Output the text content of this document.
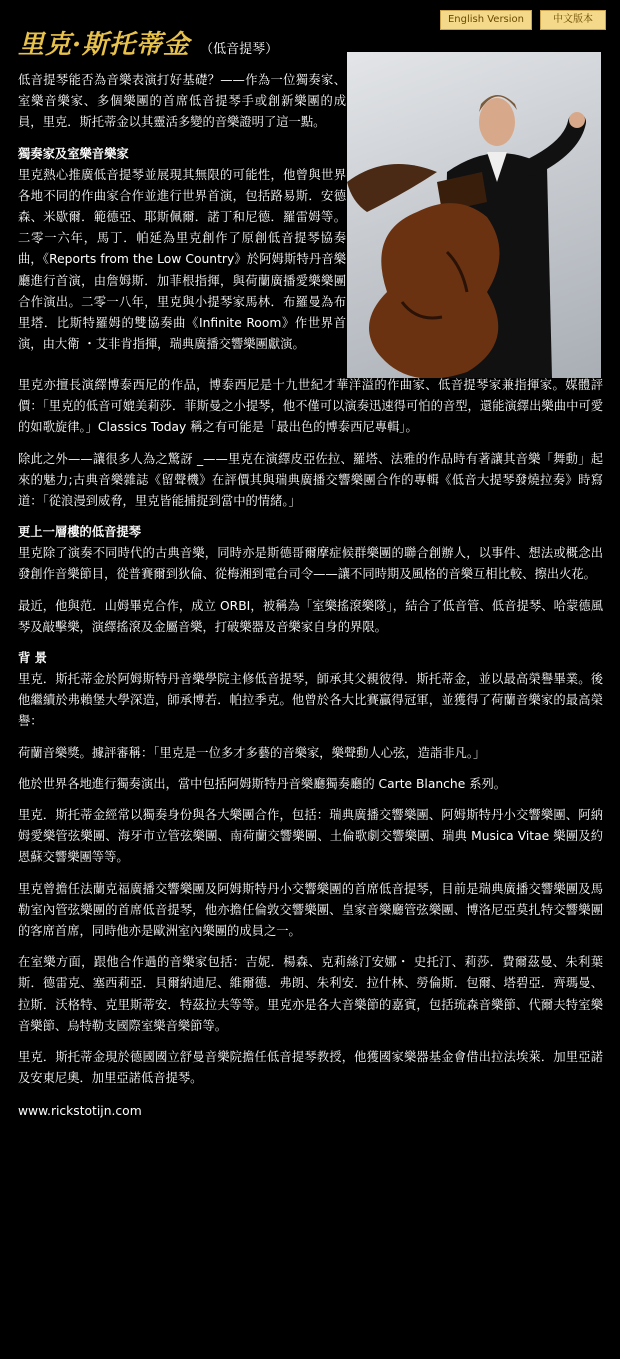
English Version	中文版本
里克·斯托蒂金 （低音提琴）

低音提琴能否為音樂表演打好基礎？——作為一位獨奏家、室樂音樂家、多個樂團的首席低音提琴手或創新樂團的成員，里克．斯托蒂金以其靈活多變的音樂證明了這一點。

獨奏家及室樂音樂家

里克熱心推廣低音提琴並展現其無限的可能性，他曾與世界各地不同的作曲家合作並進行世界首演，包括路易斯．安德森、米歇爾．範德亞、耶斯佩爾．諾丁和尼德．羅雷姆等。二零一六年，馬丁．帕延為里克創作了原創低音提琴協奏曲，《Reports from the Low Country》於阿姆斯特丹音樂廳進行首演，由詹姆斯．加菲根指揮，與荷蘭廣播愛樂樂團合作演出。二零一八年，里克與小提琴家馬林．布羅曼為布里塔．比斯特羅姆的雙協奏曲《Infinite Room》作世界首演，由大衛 ・艾非肯指揮，瑞典廣播交響樂團獻演。

里克亦擅長演繹博泰西尼的作品，博泰西尼是十九世紀才華洋溢的作曲家、低音提琴家兼指揮家。媒體評價：「里克的低音可媲美莉莎．菲斯曼之小提琴，他不僅可以演奏迅速得可怕的音型，還能演繹出樂曲中可愛的如歌旋律。」Classics Today 稱之有可能是「最出色的博泰西尼專輯」。

除此之外——讓很多人為之驚訝 _——里克在演繹皮亞佐拉、羅塔、法雅的作品時有著讓其音樂「舞動」起來的魅力;古典音樂雜誌《留聲機》在評價其與瑞典廣播交響樂團合作的專輯《低音大提琴發燒拉奏》時寫道：「從浪漫到威脅，里克皆能捕捉到當中的情緒。」

更上一層樓的低音提琴

里克除了演奏不同時代的古典音樂，同時亦是斯德哥爾摩症候群樂團的聯合創辦人，以事件、想法或概念出發創作音樂節目，從普賽爾到狄倫、從梅湘到電台司令——讓不同時期及風格的音樂互相比較、擦出火花。

最近，他與范．山姆畢克合作，成立 ORBI，被稱為「室樂搖滾樂隊」，結合了低音管、低音提琴、哈蒙德風琴及敲擊樂，演繹搖滾及金屬音樂，打破樂器及音樂家自身的界限。

背 景

里克．斯托蒂金於阿姆斯特丹音樂學院主修低音提琴，師承其父親彼得．斯托蒂金，並以最高榮譽畢業。後他繼續於弗賴堡大學深造，師承博若．帕拉季克。他曾於各大比賽贏得冠軍，並獲得了荷蘭音樂家的最高榮譽：

荷蘭音樂獎。據評審稱：「里克是一位多才多藝的音樂家，樂聲動人心弦，造詣非凡。」

他於世界各地進行獨奏演出，當中包括阿姆斯特丹音樂廳獨奏廳的 Carte Blanche 系列。

里克．斯托蒂金經常以獨奏身份與各大樂團合作，包括：瑞典廣播交響樂團、阿姆斯特丹小交響樂團、阿納姆愛樂管弦樂團、海牙市立管弦樂團、南荷蘭交響樂團、土倫歌劇交響樂團、瑞典 Musica Vitae 樂團及約恩蘇交響樂團等等。

里克曾擔任法蘭克福廣播交響樂團及阿姆斯特丹小交響樂團的首席低音提琴，目前是瑞典廣播交響樂團及馬勒室內管弦樂團的首席低音提琴，他亦擔任倫敦交響樂團、皇家音樂廳管弦樂團、博洛尼亞莫扎特交響樂團的客席首席，同時他亦是歐洲室內樂團的成員之一。

在室樂方面，跟他合作過的音樂家包括：吉妮．楊森、克莉絲汀安娜・ 史托汀、莉莎．費爾茲曼、朱利葉斯．德雷克、塞西莉亞．貝爾納迪尼、維爾德．弗朗、朱利安．拉什林、勞倫斯．包爾、塔碧亞．齊瑪曼、拉斯．沃格特、克里斯蒂安．特茲拉夫等等。里克亦是各大音樂節的嘉賓，包括琉森音樂節、代爾夫特室樂音樂節、烏特勒支國際室樂音樂節等。

里克．斯托蒂金現於德國國立舒曼音樂院擔任低音提琴教授，他獲國家樂器基金會借出拉法埃萊．加里亞諾及安東尼奧．加里亞諾低音提琴。

www.rickstotijn.com
